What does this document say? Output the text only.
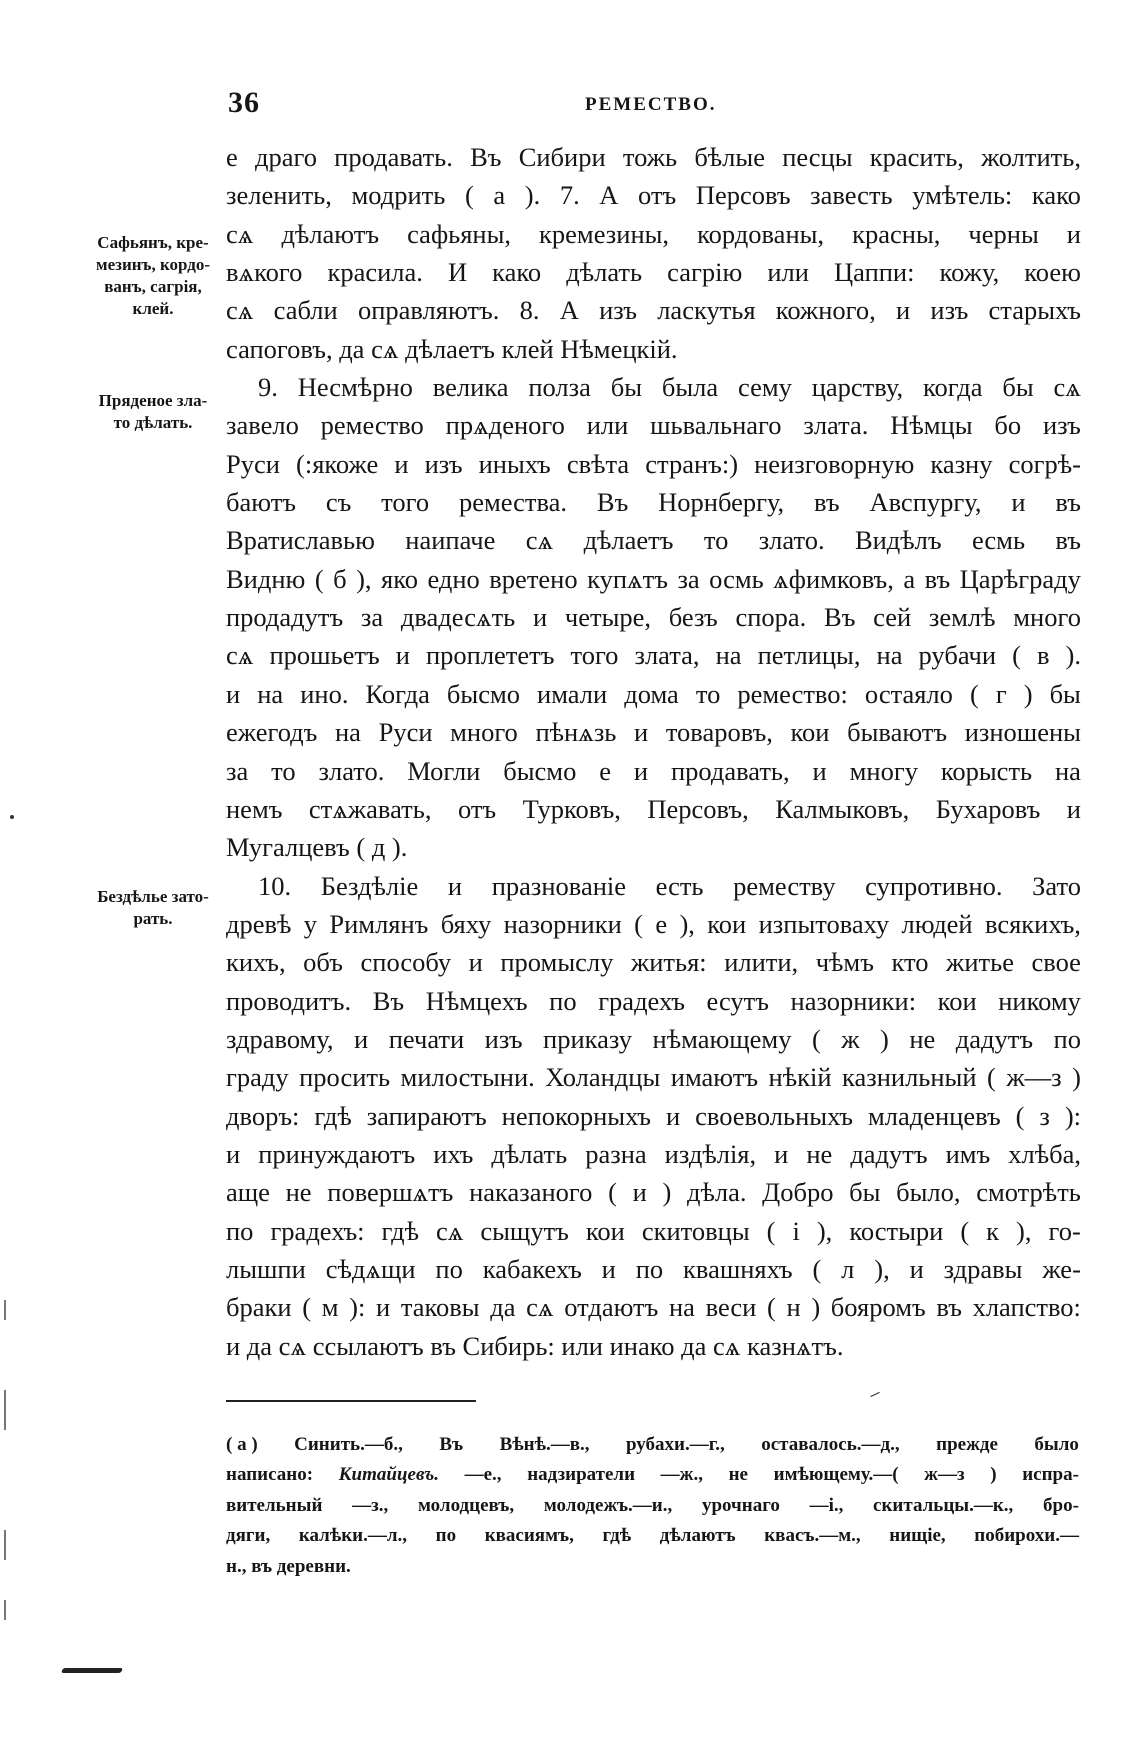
36	РЕМЕСТВО.
Сафьянъ, кре-
мезинъ, кордо-
ванъ, сагрія,
клей.
Пряденое зла-
то дѣлать.
Бездѣлье зато-
рать.
е драго продавать. Въ Сибири тожь бѣлые песцы красить, жолтить,
зеленить, модрить ( а ). 7. А отъ Персовъ завесть умѣтель: како
сѧ дѣлаютъ сафьяны, кремезины, кордованы, красны, черны и
вѧкого красила. И како дѣлать сагрію или Цаппи: кожу, коею
сѧ сабли оправляютъ. 8. А изъ ласкутья кожного, и изъ старыхъ
сапоговъ, да сѧ дѣлаетъ клей Нѣмецкій.
9. Несмѣрно велика полза бы была сему царству, когда бы сѧ
завело ремество прѧденого или шьвальнаго злата. Нѣмцы бо изъ
Руси (:якоже и изъ иныхъ свѣта странъ:) неизговорную казну согрѣ-
баютъ съ того ремества. Въ Норнбергу, въ Авспургу, и въ
Вратиславью наипаче сѧ дѣлаетъ то злато. Видѣлъ есмь въ
Видню ( б ), яко едно вретено купѧтъ за осмь ѧфимковъ, а въ Царѣграду
продадутъ за двадесѧть и четыре, безъ спора. Въ сей землѣ много
сѧ прошьетъ и проплететъ того злата, на петлицы, на рубачи ( в ).
и на ино. Когда бысмо имали дома то ремество: остаяло ( г ) бы
ежегодъ на Руси много пѣнѧзь и товаровъ, кои бываютъ изношены
за то злато. Могли бысмо е и продавать, и многу корысть на
немъ стѧжавать, отъ Турковъ, Персовъ, Калмыковъ, Бухаровъ и
Мугалцевъ ( д ).
10. Бездѣліе и празнованіе есть реместву супротивно. Зато
древѣ у Римлянъ бяху назорники ( е ), кои изпытоваху людей всякихъ,
кихъ, объ способу и промыслу житья: илити, чѣмъ кто житье свое
проводитъ. Въ Нѣмцехъ по градехъ есутъ назорники: кои никому
здравому, и печати изъ приказу нѣмающему ( ж ) не дадутъ по
граду просить милостыни. Холандцы имаютъ нѣкій казнильный ( ж—з )
дворъ: гдѣ запираютъ непокорныхъ и своевольныхъ младенцевъ ( з ):
и принуждаютъ ихъ дѣлать разна издѣлія, и не дадутъ имъ хлѣба,
аще не повершѧтъ наказаного ( и ) дѣла. Добро бы было, смотрѣть
по градехъ: гдѣ сѧ сыщутъ кои скитовцы ( і ), костыри ( к ), го-
лышпи сѣдѧщи по кабакехъ и по квашняхъ ( л ), и здравы же-
браки ( м ): и таковы да сѧ отдаютъ на веси ( н ) бояромъ въ хлапство:
и да сѧ ссылаютъ въ Сибирь: или инако да сѧ казнѧтъ.
( а ) Синить.—б., Въ Вѣнѣ.—в., рубахи.—г., оставалось.—д., прежде было
написано: Китайцевъ. —е., надзиратели —ж., не имѣющему.—( ж—з ) испра-
вительный —з., молодцевъ, молодежъ.—и., урочнаго —і., скитальцы.—к., бро-
дяги, калѣки.—л., по квасиямъ, гдѣ дѣлаютъ квасъ.—м., нищіе, побирохи.—
н., въ деревни.
